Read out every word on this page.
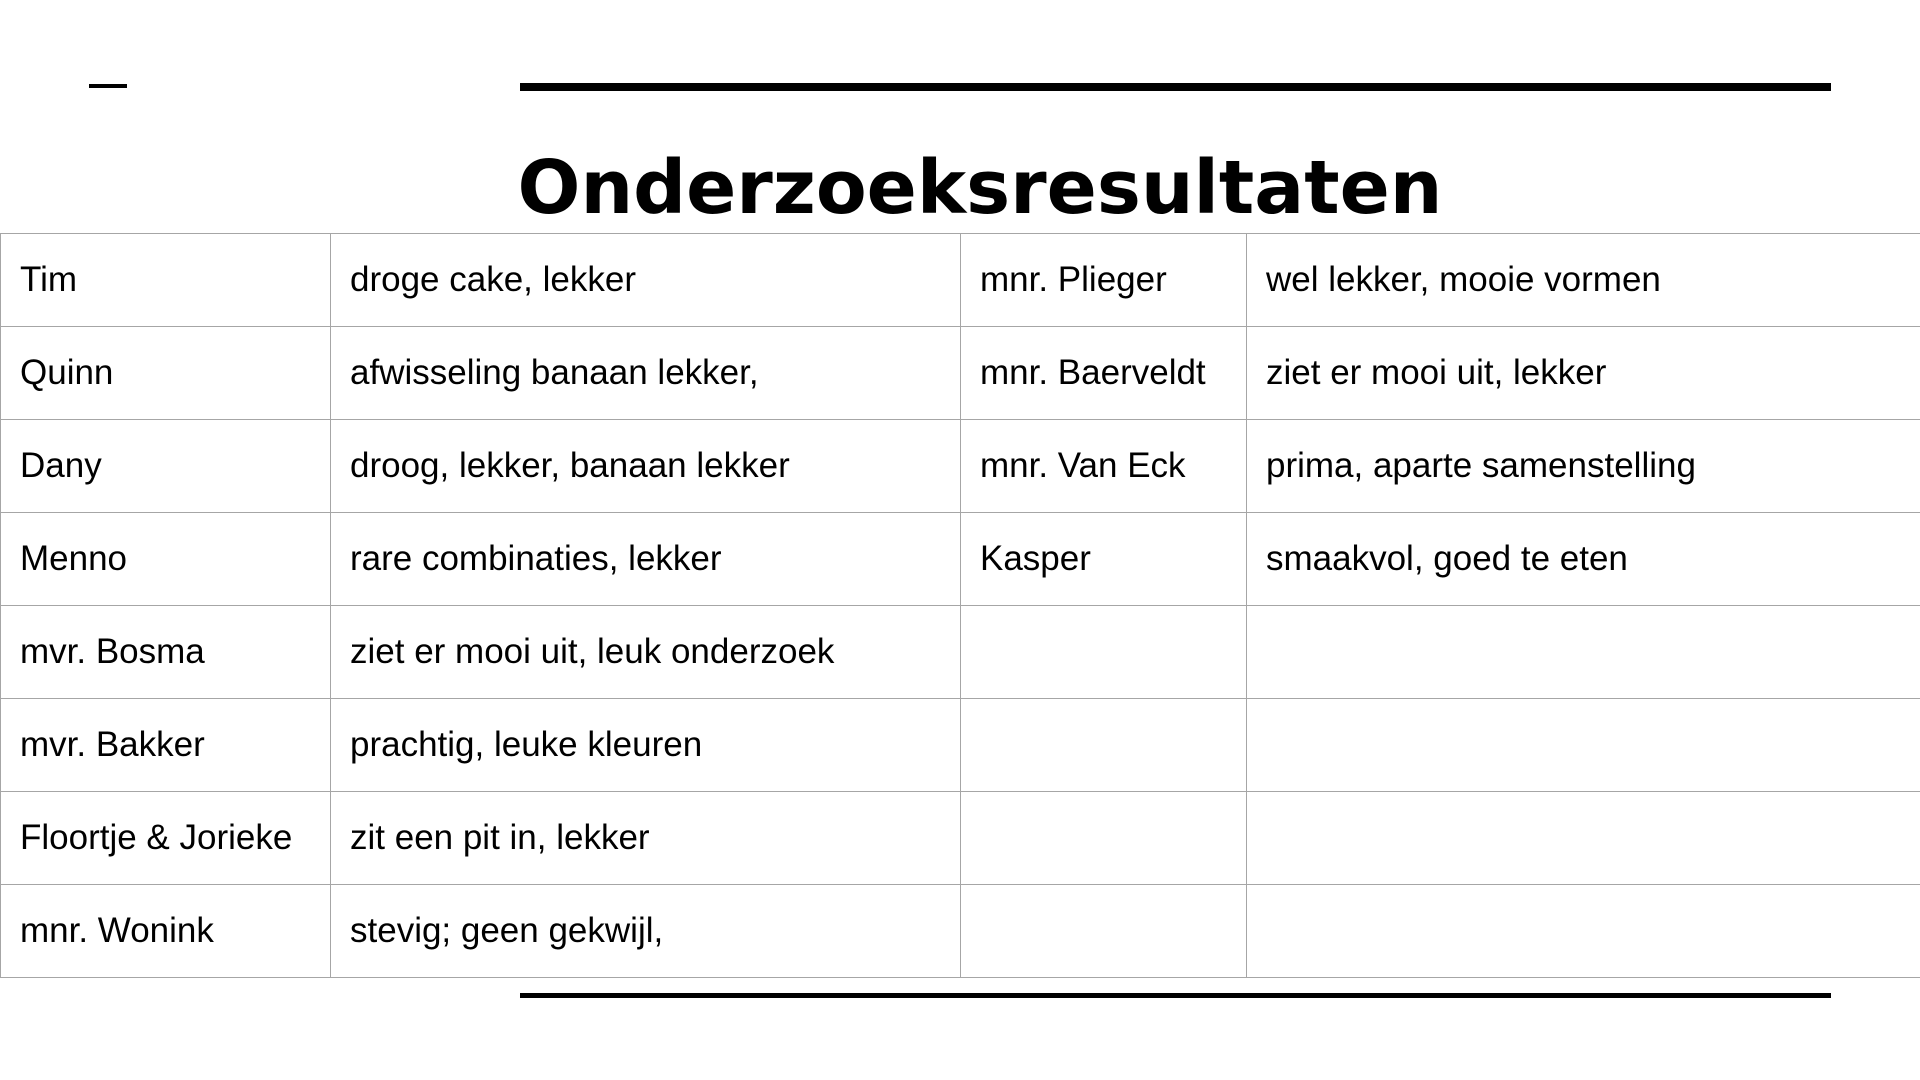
Onderzoeksresultaten
Tim	droge cake, lekker	mnr. Plieger	wel lekker, mooie vormen
Quinn	afwisseling banaan lekker,	mnr. Baerveldt	ziet er mooi uit, lekker
Dany	droog, lekker, banaan lekker	mnr. Van Eck	prima, aparte samenstelling
Menno	rare combinaties, lekker	Kasper	smaakvol, goed te eten
mvr. Bosma	ziet er mooi uit, leuk onderzoek		
mvr. Bakker	prachtig, leuke kleuren		
Floortje & Jorieke	zit een pit in, lekker		
mnr. Wonink	stevig; geen gekwijl,		
